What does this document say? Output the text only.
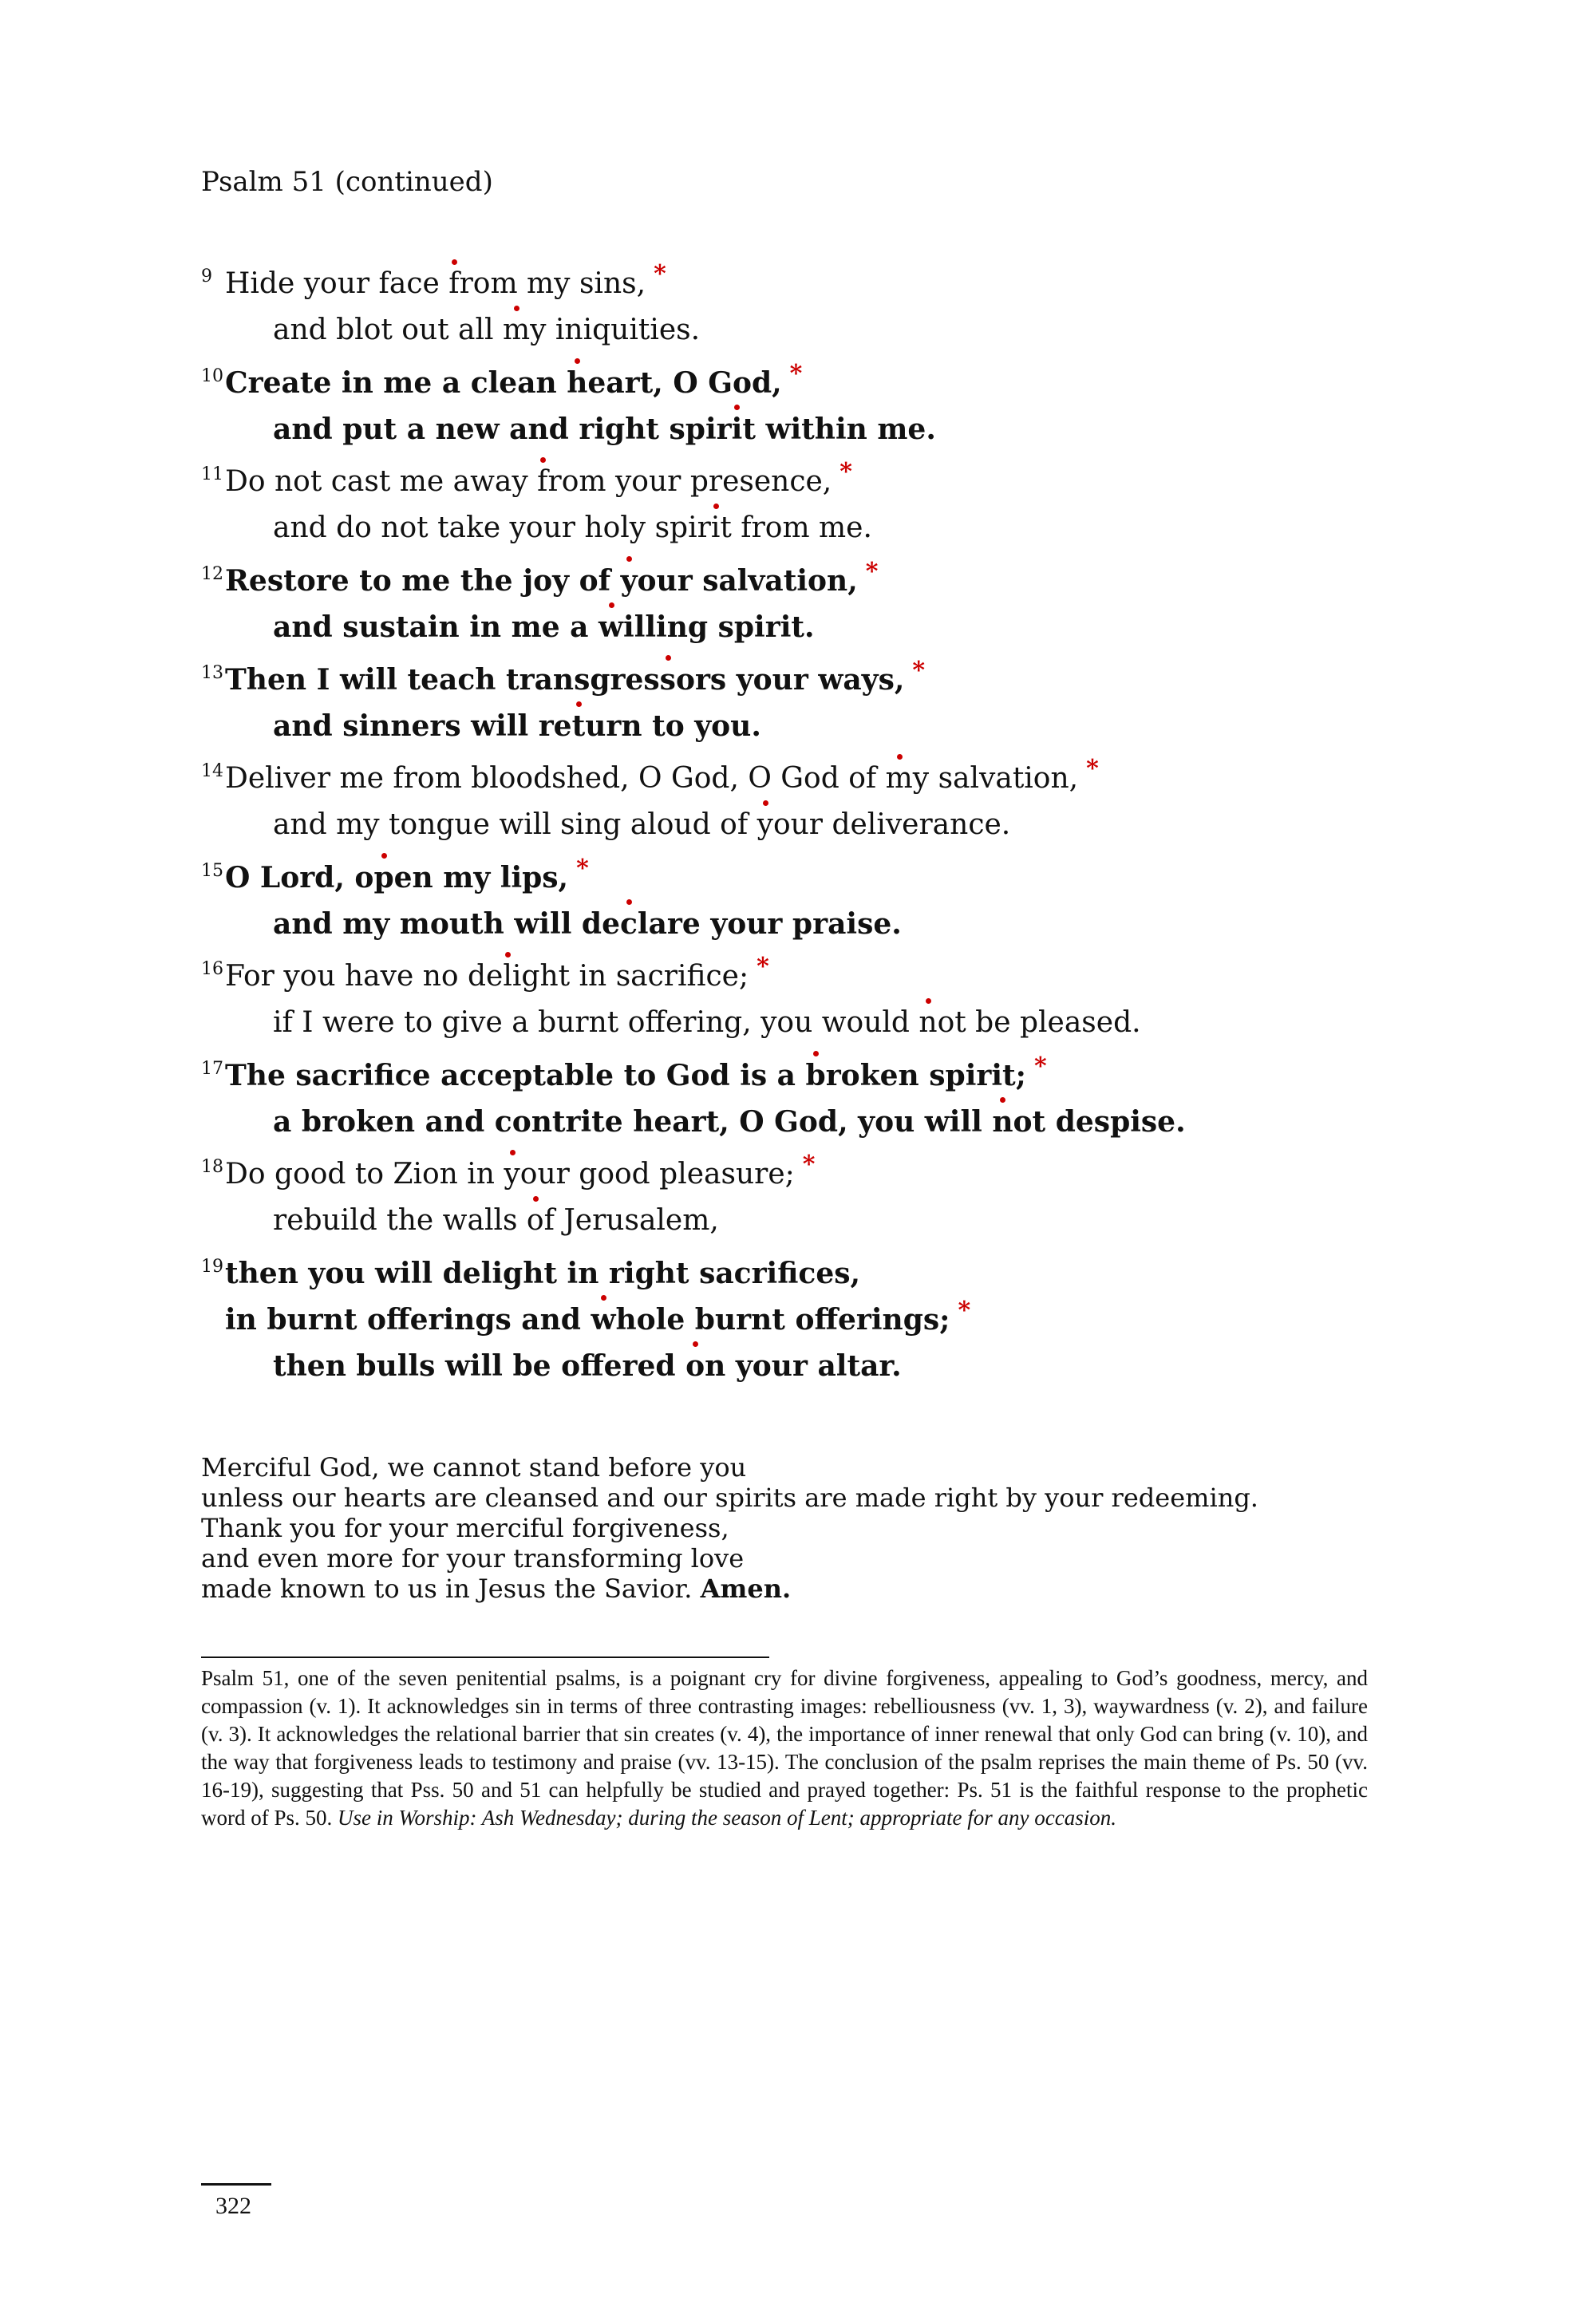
Psalm 51 (continued)
9 Hide your face f
rom my sins, *
and blot out all m
y iniquities.
10Create in me a clean h
eart, O God, *
and put a new and right spiri
t within me.
11Do not cast me away f
rom your presence, *
and do not take your holy spiri
t from me.
12Restore to me the joy of y
our salvation, *
and sustain in me a w
illing spirit.
13Then I will teach transgress
ors your ways, *
and sinners will ret
urn to you.
14Deliver me from bloodshed, O God, O God of m
y salvation, *
and my tongue will sing aloud of y
our deliverance.
15O Lord, op
en my lips, *
and my mouth will dec
lare your praise.
16For you have no del
ight in sacrifice; *
if I were to give a burnt offering, you would n
ot be pleased.
17The sacrifice acceptable to God is a b
roken spirit; *
a broken and contrite heart, O God, you will n
ot despise.
18Do good to Zion in y
our good pleasure; *
rebuild the walls o
f Jerusalem,
19then you will delight in right sacrifices,
in burnt offerings and w
hole burnt offerings; *
then bulls will be offered o
n your altar.
Merciful God, we cannot stand before you
unless our hearts are cleansed and our spirits are made right by your redeeming.
Thank you for your merciful forgiveness,
and even more for your transforming love
made known to us in Jesus the Savior. Amen.
Psalm 51, one of the seven penitential psalms, is a poignant cry for divine forgiveness, appealing to God’s goodness, mercy, and compassion (v. 1). It acknowledges sin in terms of three contrasting images: rebelliousness (vv. 1, 3), waywardness (v. 2), and failure (v. 3). It acknowledges the relational barrier that sin creates (v. 4), the importance of inner renewal that only God can bring (v. 10), and the way that forgiveness leads to testimony and praise (vv. 13-15). The conclusion of the psalm reprises the main theme of Ps. 50 (vv. 16-19), suggesting that Pss. 50 and 51 can helpfully be studied and prayed together: Ps. 51 is the faithful response to the prophetic word of Ps. 50. Use in Worship: Ash Wednesday; during the season of Lent; appropriate for any occasion.
322
